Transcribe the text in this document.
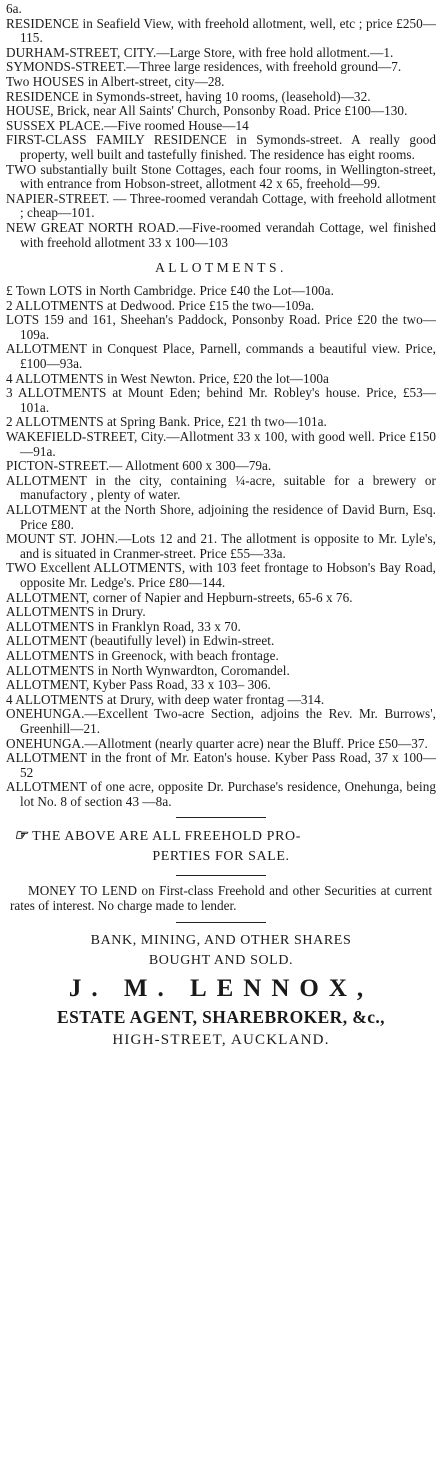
6a.

RESIDENCE in Seafield View, with freehold allotment, well, etc ; price £250—115.

DURHAM-STREET, CITY.—Large Store, with free hold allotment.—1.

SYMONDS-STREET.—Three large residences, with freehold ground—7.

Two HOUSES in Albert-street, city—28.

RESIDENCE in Symonds-street, having 10 rooms, (leasehold)—32.

HOUSE, Brick, near All Saints' Church, Ponsonby Road. Price £100—130.

SUSSEX PLACE.—Five roomed House—14

FIRST-CLASS FAMILY RESIDENCE in Symonds-street. A really good property, well built and tastefully finished. The residence has eight rooms.

TWO substantially built Stone Cottages, each four rooms, in Wellington-street, with entrance from Hobson-street, allotment 42 x 65, freehold—99.

NAPIER-STREET. — Three-roomed verandah Cottage, with freehold allotment ; cheap—101.

NEW GREAT NORTH ROAD.—Five-roomed verandah Cottage, wel finished with freehold allotment 33 x 100—103

ALLOTMENTS.

£ Town LOTS in North Cambridge. Price £40 the Lot—100a.

2 ALLOTMENTS at Dedwood. Price £15 the two—109a.

LOTS 159 and 161, Sheehan's Paddock, Ponsonby Road. Price £20 the two— 109a.

ALLOTMENT in Conquest Place, Parnell, commands a beautiful view. Price, £100—93a.

4 ALLOTMENTS in West Newton. Price, £20 the lot—100a

3 ALLOTMENTS at Mount Eden; behind Mr. Robley's house. Price, £53—101a.

2 ALLOTMENTS at Spring Bank. Price, £21 th two—101a.

WAKEFIELD-STREET, City.—Allotment 33 x 100, with good well. Price £150—91a.

PICTON-STREET.— Allotment 600 x 300—79a.

ALLOTMENT in the city, containing ¼-acre, suitable for a brewery or manufactory , plenty of water.

ALLOTMENT at the North Shore, adjoining the residence of David Burn, Esq. Price £80.

MOUNT ST. JOHN.—Lots 12 and 21. The allotment is opposite to Mr. Lyle's, and is situated in Cranmer-street. Price £55—33a.

TWO Excellent ALLOTMENTS, with 103 feet frontage to Hobson's Bay Road, opposite Mr. Ledge's. Price £80—144.

ALLOTMENT, corner of Napier and Hepburn-streets, 65-6 x 76.

ALLOTMENTS in Drury.

ALLOTMENTS in Franklyn Road, 33 x 70.

ALLOTMENT (beautifully level) in Edwin-street.

ALLOTMENTS in Greenock, with beach frontage.

ALLOTMENTS in North Wynwardton, Coromandel.

ALLOTMENT, Kyber Pass Road, 33 x 103– 306.

4 ALLOTMENTS at Drury, with deep water frontag —314.

ONEHUNGA.—Excellent Two-acre Section, adjoins the Rev. Mr. Burrows', Greenhill—21.

ONEHUNGA.—Allotment (nearly quarter acre) near the Bluff. Price £50—37.

ALLOTMENT in the front of Mr. Eaton's house. Kyber Pass Road, 37 x 100—52

ALLOTMENT of one acre, opposite Dr. Purchase's residence, Onehunga, being lot No. 8 of section 43 —8a.

☞ THE ABOVE ARE ALL FREEHOLD PRO-

PERTIES FOR SALE.

MONEY TO LEND on First-class Freehold and other Securities at current rates of interest. No charge made to lender.

BANK, MINING, AND OTHER SHARES

BOUGHT AND SOLD.

J. M. LENNOX,
ESTATE AGENT, SHAREBROKER, &c.,
HIGH-STREET, AUCKLAND.
